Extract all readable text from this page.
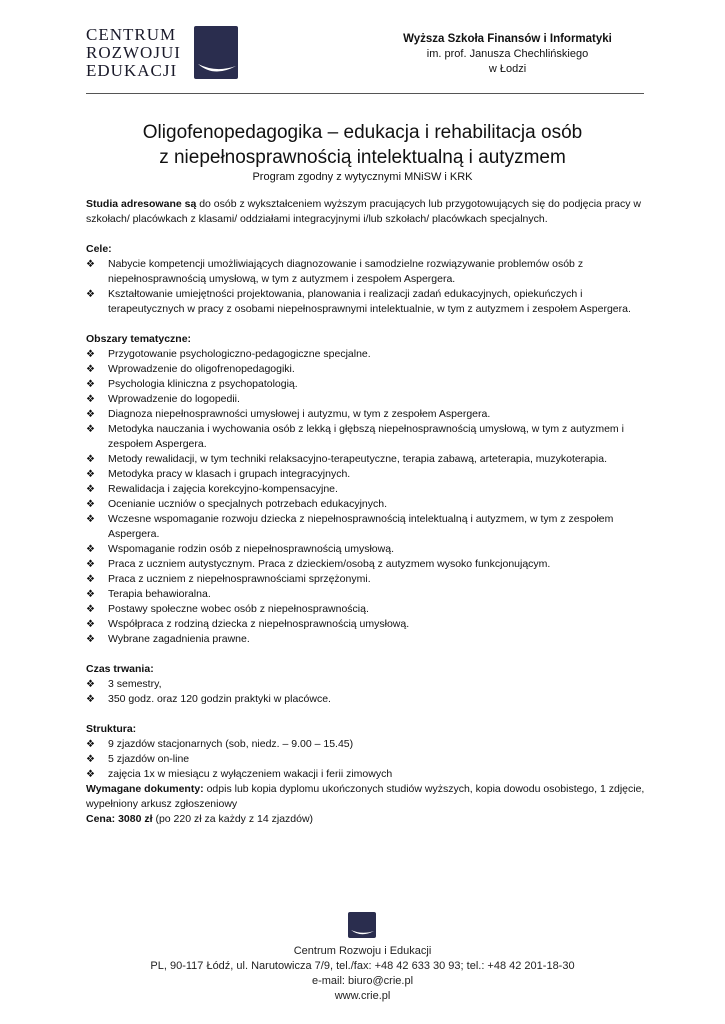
CENTRUM
ROZWOJUI
EDUKACJI
Wyższa Szkoła Finansów i Informatyki
im. prof. Janusza Chechlińskiego
w Łodzi
Oligofenopedagogika – edukacja i rehabilitacja osób
z niepełnosprawnością intelektualną i autyzmem
Program zgodny z wytycznymi MNiSW i KRK

Studia adresowane są do osób z wykształceniem wyższym pracujących lub przygotowujących się do podjęcia pracy w szkołach/ placówkach z klasami/ oddziałami integracyjnymi i/lub szkołach/ placówkach specjalnych.

Cele:
❖ Nabycie kompetencji umożliwiających diagnozowanie i samodzielne rozwiązywanie problemów osób z niepełnosprawnością umysłową, w tym z autyzmem i zespołem Aspergera.
❖ Kształtowanie umiejętności projektowania, planowania i realizacji zadań edukacyjnych, opiekuńczych i terapeutycznych w pracy z osobami niepełnosprawnymi intelektualnie, w tym z autyzmem i zespołem Aspergera.
Obszary tematyczne:
❖ Przygotowanie psychologiczno-pedagogiczne specjalne.
❖ Wprowadzenie do oligofrenopedagogiki.
❖ Psychologia kliniczna z psychopatologią.
❖ Wprowadzenie do logopedii.
❖ Diagnoza niepełnosprawności umysłowej i autyzmu, w tym z zespołem Aspergera.
❖ Metodyka nauczania i wychowania osób z lekką i głębszą niepełnosprawnością umysłową, w tym z autyzmem i zespołem Aspergera.
❖ Metody rewalidacji, w tym techniki relaksacyjno-terapeutyczne, terapia zabawą, arteterapia, muzykoterapia.
❖ Metodyka pracy w klasach i grupach integracyjnych.
❖ Rewalidacja i zajęcia korekcyjno-kompensacyjne.
❖ Ocenianie uczniów o specjalnych potrzebach edukacyjnych.
❖ Wczesne wspomaganie rozwoju dziecka z niepełnosprawnością intelektualną i autyzmem, w tym z zespołem Aspergera.
❖ Wspomaganie rodzin osób z niepełnosprawnością umysłową.
❖ Praca z uczniem autystycznym. Praca z dzieckiem/osobą z autyzmem wysoko funkcjonującym.
❖ Praca z uczniem z niepełnosprawnościami sprzężonymi.
❖ Terapia behawioralna.
❖ Postawy społeczne wobec osób z niepełnosprawnością.
❖ Współpraca z rodziną dziecka z niepełnosprawnością umysłową.
❖ Wybrane zagadnienia prawne.
Czas trwania:
❖ 3 semestry,
❖ 350 godz. oraz 120 godzin praktyki w placówce.
Struktura:
❖ 9 zjazdów stacjonarnych (sob, niedz. – 9.00 – 15.45)
❖ 5 zjazdów on-line
❖ zajęcia 1x w miesiącu z wyłączeniem wakacji i ferii zimowych

Wymagane dokumenty: odpis lub kopia dyplomu ukończonych studiów wyższych, kopia dowodu osobistego, 1 zdjęcie, wypełniony arkusz zgłoszeniowy

Cena: 3080 zł (po 220 zł za każdy z 14 zjazdów)

Centrum Rozwoju i Edukacji
PL, 90-117 Łódź, ul. Narutowicza 7/9, tel./fax: +48 42 633 30 93; tel.: +48 42 201-18-30
e-mail: biuro@crie.pl
www.crie.pl
